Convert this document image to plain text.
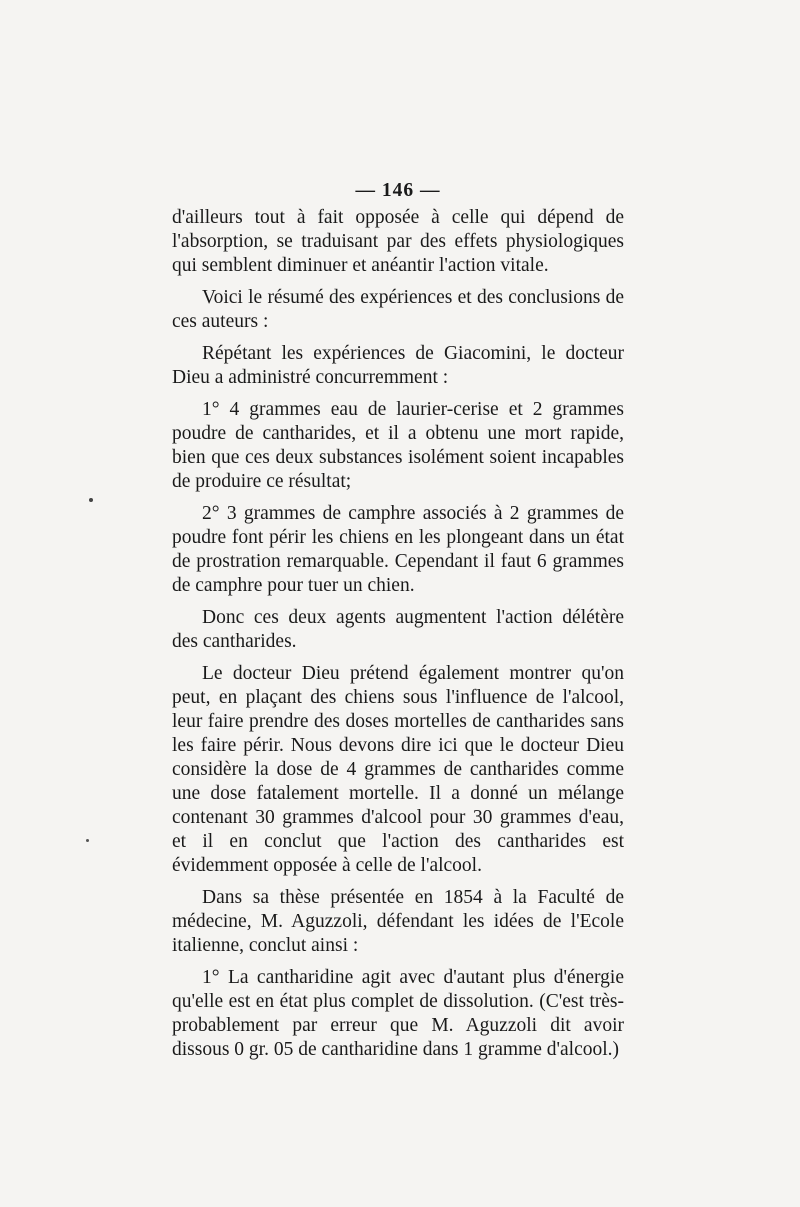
— 146 —

d'ailleurs tout à fait opposée à celle qui dépend de l'absorption, se traduisant par des effets physiologiques qui semblent diminuer et anéantir l'action vitale.

Voici le résumé des expériences et des conclusions de ces auteurs :

Répétant les expériences de Giacomini, le docteur Dieu a administré concurremment :

1° 4 grammes eau de laurier-cerise et 2 grammes poudre de cantharides, et il a obtenu une mort rapide, bien que ces deux substances isolément soient incapables de produire ce résultat;

2° 3 grammes de camphre associés à 2 grammes de poudre font périr les chiens en les plongeant dans un état de prostration remarquable. Cependant il faut 6 grammes de camphre pour tuer un chien.

Donc ces deux agents augmentent l'action délétère des cantharides.

Le docteur Dieu prétend également montrer qu'on peut, en plaçant des chiens sous l'influence de l'alcool, leur faire prendre des doses mortelles de cantharides sans les faire périr. Nous devons dire ici que le docteur Dieu considère la dose de 4 grammes de cantharides comme une dose fatalement mortelle. Il a donné un mélange contenant 30 grammes d'alcool pour 30 grammes d'eau, et il en conclut que l'action des cantharides est évidemment opposée à celle de l'alcool.

Dans sa thèse présentée en 1854 à la Faculté de médecine, M. Aguzzoli, défendant les idées de l'Ecole italienne, conclut ainsi :

1° La cantharidine agit avec d'autant plus d'énergie qu'elle est en état plus complet de dissolution. (C'est très-probablement par erreur que M. Aguzzoli dit avoir dissous 0 gr. 05 de cantharidine dans 1 gramme d'alcool.)
